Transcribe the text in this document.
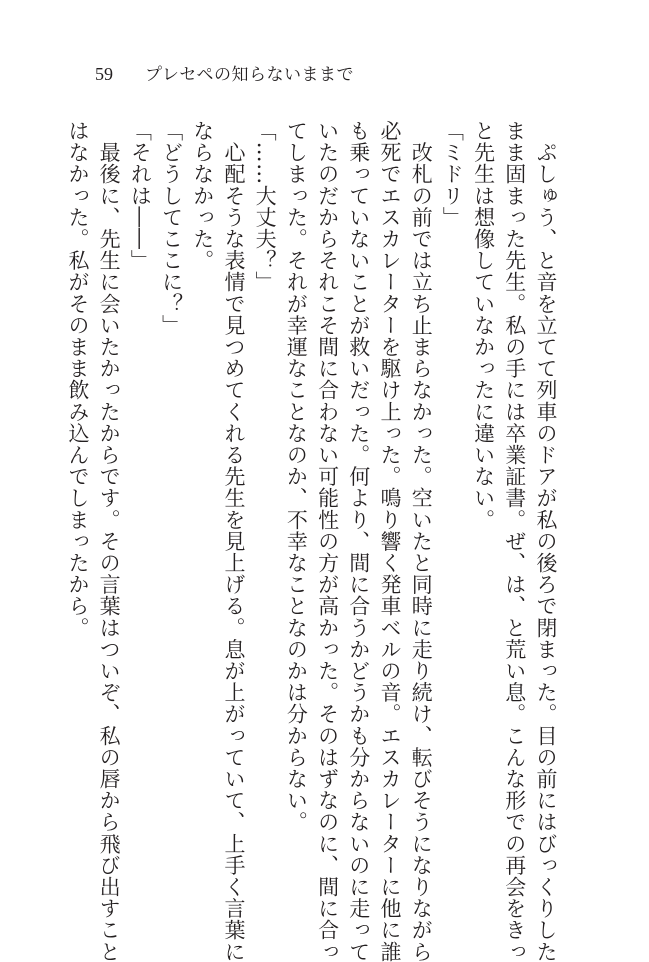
59 プレセペの知らないままで
　ぷしゅう、と音を立てて列車のドアが私の後ろで閉まった。目の前にはびっくりした
まま固まった先生。私の手には卒業証書。ぜ、は、と荒い息。こんな形での再会をきっ
と先生は想像していなかったに違いない。
「ミドリ」
　改札の前では立ち止まらなかった。空いたと同時に走り続け、転びそうになりながら
必死でエスカレーターを駆け上った。鳴り響く発車ベルの音。エスカレーターに他に誰
も乗っていないことが救いだった。何より、間に合うかどうかも分からないのに走って
いたのだからそれこそ間に合わない可能性の方が高かった。そのはずなのに、間に合っ
てしまった。それが幸運なことなのか、不幸なことなのかは分からない。
「……大丈夫？」
　心配そうな表情で見つめてくれる先生を見上げる。息が上がっていて、上手く言葉に
ならなかった。
「どうしてここに？」
「それは――」
　最後に、先生に会いたかったからです。その言葉はついぞ、私の唇から飛び出すこと
はなかった。私がそのまま飲み込んでしまったから。
